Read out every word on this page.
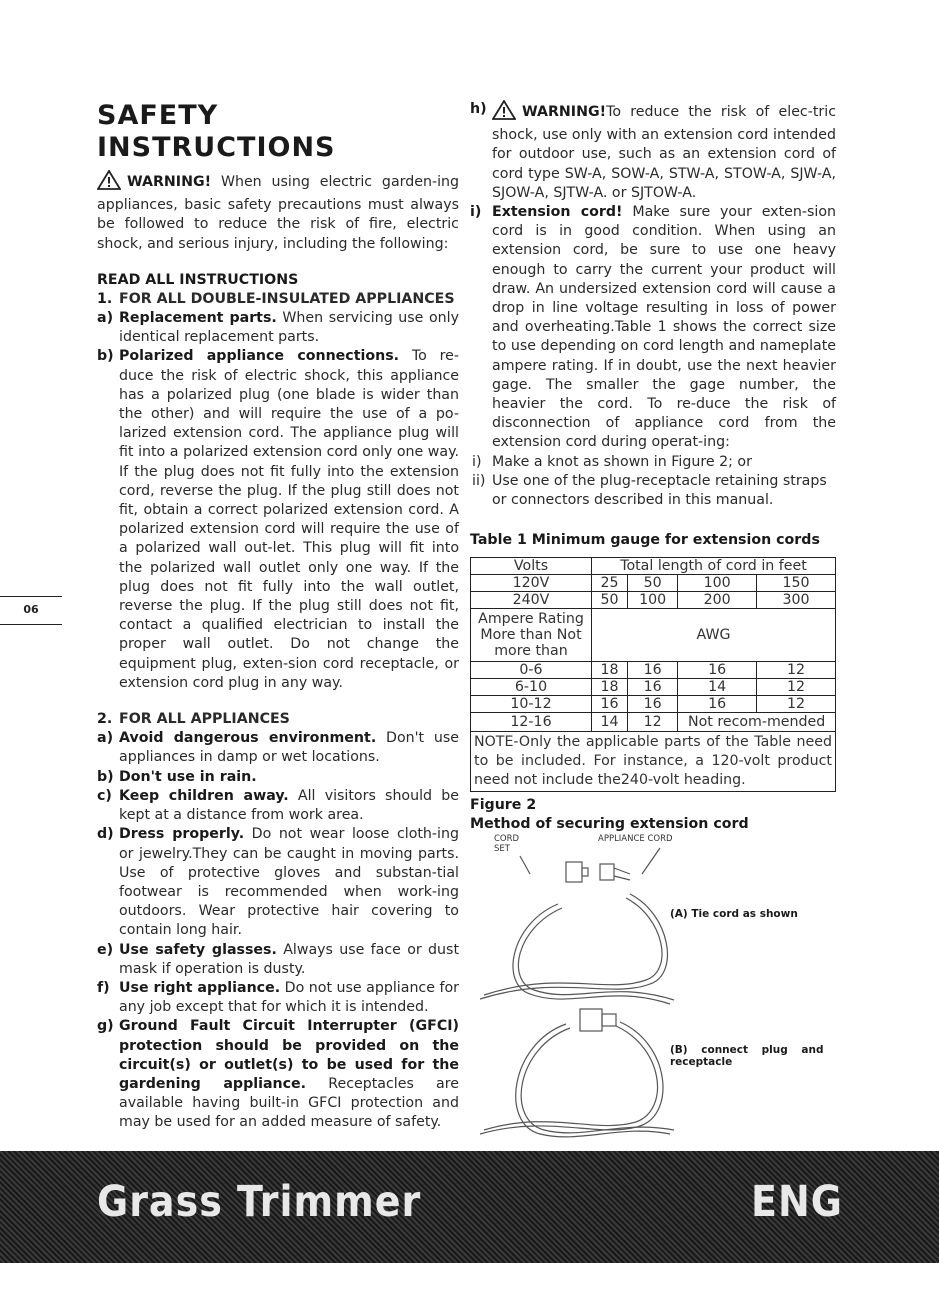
06
SAFETY INSTRUCTIONS

WARNING! When using electric garden-ing appliances, basic safety precautions must always be followed to reduce the risk of fire, electric shock, and serious injury, including the following:

READ ALL INSTRUCTIONS
1. FOR ALL DOUBLE-INSULATED APPLIANCES
a) Replacement parts. When servicing use only identical replacement parts.
b) Polarized appliance connections. To re-duce the risk of electric shock, this appliance has a polarized plug (one blade is wider than the other) and will require the use of a po-larized extension cord. The appliance plug will fit into a polarized extension cord only one way. If the plug does not fit fully into the extension cord, reverse the plug. If the plug still does not fit, obtain a correct polarized extension cord. A polarized extension cord will require the use of a polarized wall out-let. This plug will fit into the polarized wall outlet only one way. If the plug does not fit fully into the wall outlet, reverse the plug. If the plug still does not fit, contact a qualified electrician to install the proper wall outlet. Do not change the equipment plug, exten-sion cord receptacle, or extension cord plug in any way.
2. FOR ALL APPLIANCES
a) Avoid dangerous environment. Don't use appliances in damp or wet locations.
b) Don't use in rain.
c) Keep children away. All visitors should be kept at a distance from work area.
d) Dress properly. Do not wear loose cloth-ing or jewelry.They can be caught in moving parts. Use of protective gloves and substan-tial footwear is recommended when work-ing outdoors. Wear protective hair covering to contain long hair.
e) Use safety glasses. Always use face or dust mask if operation is dusty.
f) Use right appliance. Do not use appliance for any job except that for which it is intended.
g) Ground Fault Circuit Interrupter (GFCI) protection should be provided on the circuit(s) or outlet(s) to be used for the gardening appliance. Receptacles are available having built-in GFCI protection and may be used for an added measure of safety.
h) WARNING!To reduce the risk of elec-tric shock, use only with an extension cord intended for outdoor use, such as an extension cord of cord type SW-A, SOW-A, STW-A, STOW-A, SJW-A, SJOW-A, SJTW-A. or SJTOW-A.
i) Extension cord! Make sure your exten-sion cord is in good condition. When using an extension cord, be sure to use one heavy enough to carry the current your product will draw. An undersized extension cord will cause a drop in line voltage resulting in loss of power and overheating.Table 1 shows the correct size to use depending on cord length and nameplate ampere rating. If in doubt, use the next heavier gage. The smaller the gage number, the heavier the cord. To re-duce the risk of disconnection of appliance cord from the extension cord during operat-ing:
i) Make a knot as shown in Figure 2; or
ii) Use one of the plug-receptacle retaining straps or connectors described in this manual.
Table 1 Minimum gauge for extension cords
Volts	Total length of cord in feet			
120V	25	50	100	150
240V	50	100	200	300
Ampere Rating More than Not more than	AWG			
0-6	18	16	16	12
6-10	18	16	14	12
10-12	16	16	16	12
12-16	14	12	Not recom-mended	
NOTE-Only the applicable parts of the Table need to be included. For instance, a 120-volt product need not include the240-volt heading.				
Figure 2
Method of securing extension cord
CORD SET
APPLIANCE CORD
(A) Tie cord as shown
(B) connect plug and receptacle
Grass Trimmer	ENG
